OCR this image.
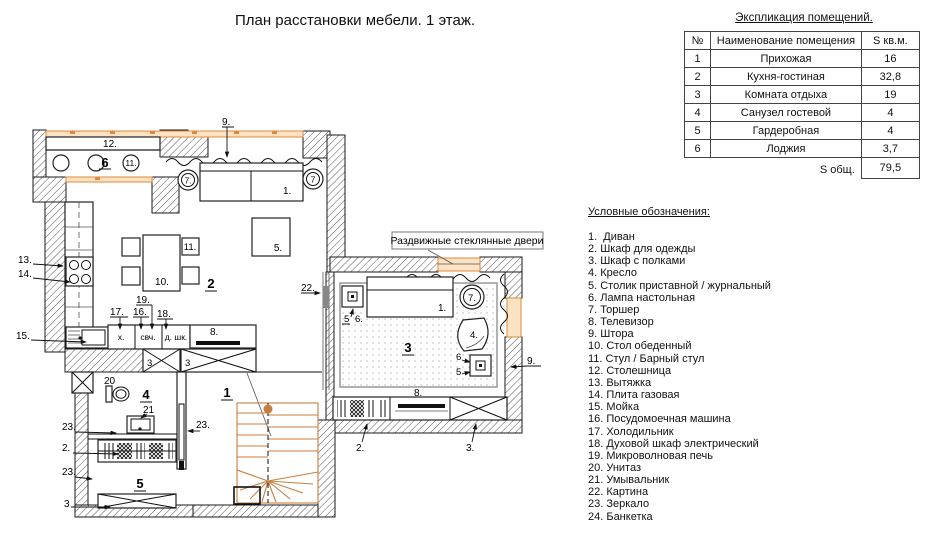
11.
12.
6
х. свч. д. шк.
1.
7.	7
5.
11.
10.	2
8.
3	3
1
20
21
4
5
23.	23.
23.
2.
3
1.
7.
4.
5 6.
6
5
3
8.
2.	3.
9.
13.
14.
15.
17. 16.
19.
18.
9.
22.
Раздвижные стеклянные двери
План расстановки мебели. 1 этаж.	Экспликация помещений.
№	Наименование помещения	S кв.м.
1	Прихожая	16
2	Кухня-гостиная	32,8
3	Комната отдыха	19
4	Санузел гостевой	4
5	Гардеробная	4
6	Лоджия	3,7
S общ.		79,5
Условные обозначения:
1.  Диван
2. Шкаф для одежды
3. Шкаф с полками
4. Кресло
5. Столик приставной / журнальный
6. Лампа настольная
7. Торшер
8. Телевизор
9. Штора
10. Стол обеденный
11. Стул / Барный стул
12. Столешница
13. Вытяжка
14. Плита газовая
15. Мойка
16. Посудомоечная машина
17. Холодильник
18. Духовой шкаф электрический
19. Микроволновая печь
20. Унитаз
21. Умывальник
22. Картина
23. Зеркало
24. Банкетка
